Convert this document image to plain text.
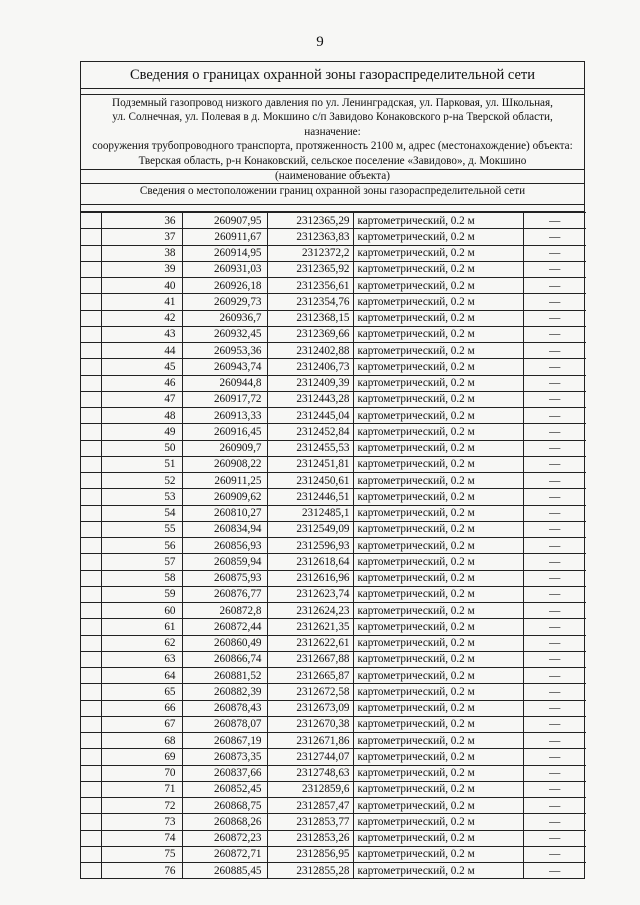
9
Сведения о границах охранной зоны газораспределительной сети
Подземный газопровод низкого давления по ул. Ленинградская, ул. Парковая, ул. Школьная,
ул. Солнечная, ул. Полевая в д. Мокшино с/п Завидово Конаковского р-на Тверской области, назначение:
сооружения трубопроводного транспорта, протяженность 2100 м, адрес (местонахождение) объекта:
Тверская область, р-н Конаковский, сельское поселение «Завидово», д. Мокшино
(наименование объекта)
Сведения о местоположении границ охранной зоны газораспределительной сети
	36	260907,95	2312365,29	картометрический, 0.2 м	—
	37	260911,67	2312363,83	картометрический, 0.2 м	—
	38	260914,95	2312372,2	картометрический, 0.2 м	—
	39	260931,03	2312365,92	картометрический, 0.2 м	—
	40	260926,18	2312356,61	картометрический, 0.2 м	—
	41	260929,73	2312354,76	картометрический, 0.2 м	—
	42	260936,7	2312368,15	картометрический, 0.2 м	—
	43	260932,45	2312369,66	картометрический, 0.2 м	—
	44	260953,36	2312402,88	картометрический, 0.2 м	—
	45	260943,74	2312406,73	картометрический, 0.2 м	—
	46	260944,8	2312409,39	картометрический, 0.2 м	—
	47	260917,72	2312443,28	картометрический, 0.2 м	—
	48	260913,33	2312445,04	картометрический, 0.2 м	—
	49	260916,45	2312452,84	картометрический, 0.2 м	—
	50	260909,7	2312455,53	картометрический, 0.2 м	—
	51	260908,22	2312451,81	картометрический, 0.2 м	—
	52	260911,25	2312450,61	картометрический, 0.2 м	—
	53	260909,62	2312446,51	картометрический, 0.2 м	—
	54	260810,27	2312485,1	картометрический, 0.2 м	—
	55	260834,94	2312549,09	картометрический, 0.2 м	—
	56	260856,93	2312596,93	картометрический, 0.2 м	—
	57	260859,94	2312618,64	картометрический, 0.2 м	—
	58	260875,93	2312616,96	картометрический, 0.2 м	—
	59	260876,77	2312623,74	картометрический, 0.2 м	—
	60	260872,8	2312624,23	картометрический, 0.2 м	—
	61	260872,44	2312621,35	картометрический, 0.2 м	—
	62	260860,49	2312622,61	картометрический, 0.2 м	—
	63	260866,74	2312667,88	картометрический, 0.2 м	—
	64	260881,52	2312665,87	картометрический, 0.2 м	—
	65	260882,39	2312672,58	картометрический, 0.2 м	—
	66	260878,43	2312673,09	картометрический, 0.2 м	—
	67	260878,07	2312670,38	картометрический, 0.2 м	—
	68	260867,19	2312671,86	картометрический, 0.2 м	—
	69	260873,35	2312744,07	картометрический, 0.2 м	—
	70	260837,66	2312748,63	картометрический, 0.2 м	—
	71	260852,45	2312859,6	картометрический, 0.2 м	—
	72	260868,75	2312857,47	картометрический, 0.2 м	—
	73	260868,26	2312853,77	картометрический, 0.2 м	—
	74	260872,23	2312853,26	картометрический, 0.2 м	—
	75	260872,71	2312856,95	картометрический, 0.2 м	—
	76	260885,45	2312855,28	картометрический, 0.2 м	—
